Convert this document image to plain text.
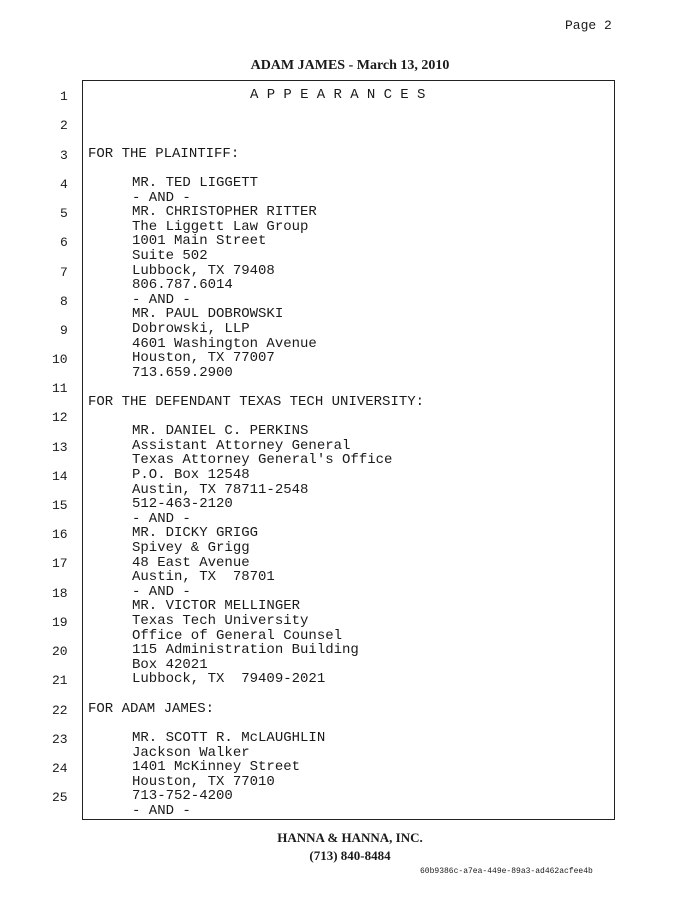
Page 2
ADAM JAMES - March 13, 2010
APPEARANCES
1
2
3
4
5
6
7
8
9
10
11
12
13
14
15
16
17
18
19
20
21
22
23
24
25
FOR THE PLAINTIFF:
MR. TED LIGGETT
- AND -
MR. CHRISTOPHER RITTER
The Liggett Law Group
1001 Main Street
Suite 502
Lubbock, TX 79408
806.787.6014
- AND -
MR. PAUL DOBROWSKI
Dobrowski, LLP
4601 Washington Avenue
Houston, TX 77007
713.659.2900
FOR THE DEFENDANT TEXAS TECH UNIVERSITY:
MR. DANIEL C. PERKINS
Assistant Attorney General
Texas Attorney General's Office
P.O. Box 12548
Austin, TX 78711-2548
512-463-2120
- AND -
MR. DICKY GRIGG
Spivey & Grigg
48 East Avenue
Austin, TX  78701
- AND -
MR. VICTOR MELLINGER
Texas Tech University
Office of General Counsel
115 Administration Building
Box 42021
Lubbock, TX  79409-2021
FOR ADAM JAMES:
MR. SCOTT R. McLAUGHLIN
Jackson Walker
1401 McKinney Street
Houston, TX 77010
713-752-4200
- AND -
HANNA & HANNA, INC.
(713) 840-8484
60b9386c-a7ea-449e-89a3-ad462acfee4b
